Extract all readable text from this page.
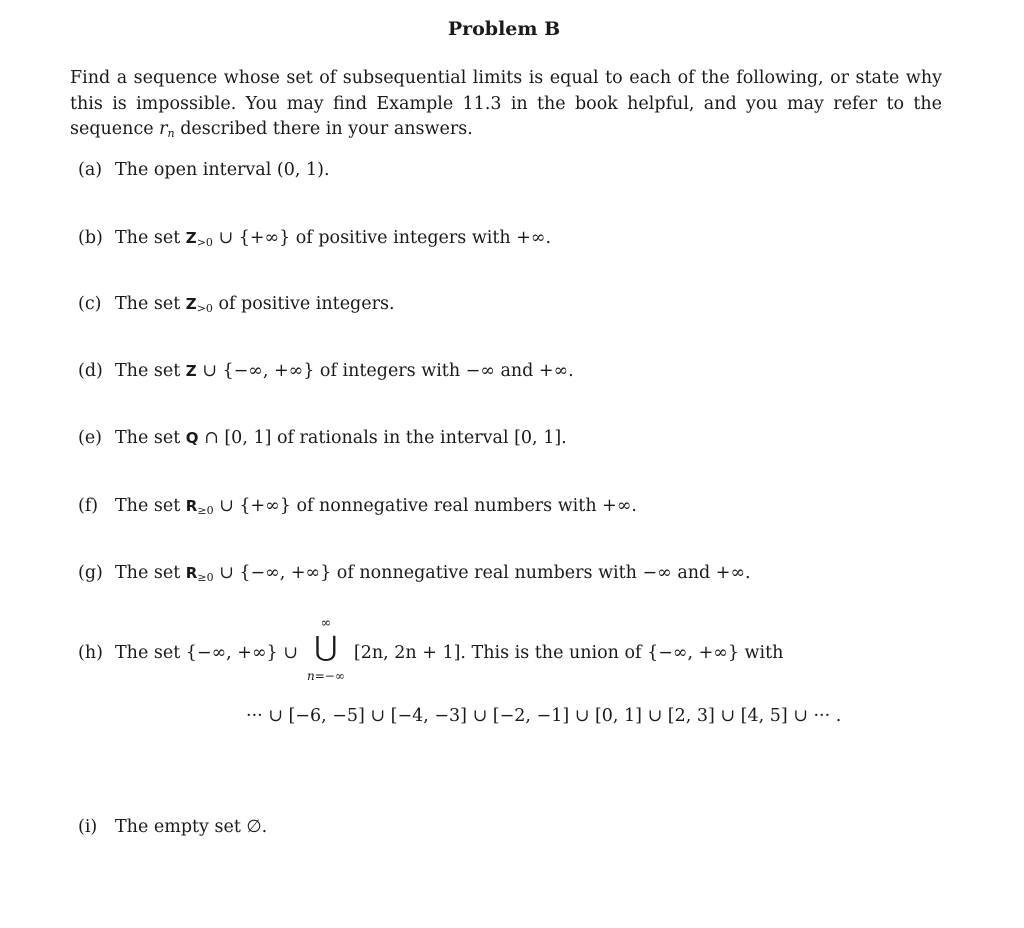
Problem B
Find a sequence whose set of subsequential limits is equal to each of the following, or state why
this is impossible. You may find Example 11.3 in the book helpful, and you may refer to the
sequence $r_n$ described there in your answers.
(a) The open interval (0, 1).
(b) The set $Z_{>0}$ ∪ {+∞} of positive integers with +∞.
(c) The set $Z_{>0}$ of positive integers.
(d) The set Z ∪ {−∞, +∞} of integers with −∞ and +∞.
(e) The set Q ∩ [0, 1] of rationals in the interval [0, 1].
(f) The set $R_{\ge 0}$ ∪ {+∞} of nonnegative real numbers with +∞.
(g) The set $R_{\ge 0}$ ∪ {−∞, +∞} of nonnegative real numbers with −∞ and +∞.
(h) The set {−∞, +∞} ∪
∞
⋃
n=−∞
[2n, 2n + 1]. This is the union of {−∞, +∞} with
··· ∪ [−6, −5] ∪ [−4, −3] ∪ [−2, −1] ∪ [0, 1] ∪ [2, 3] ∪ [4, 5] ∪ ··· .
(i) The empty set ∅.
